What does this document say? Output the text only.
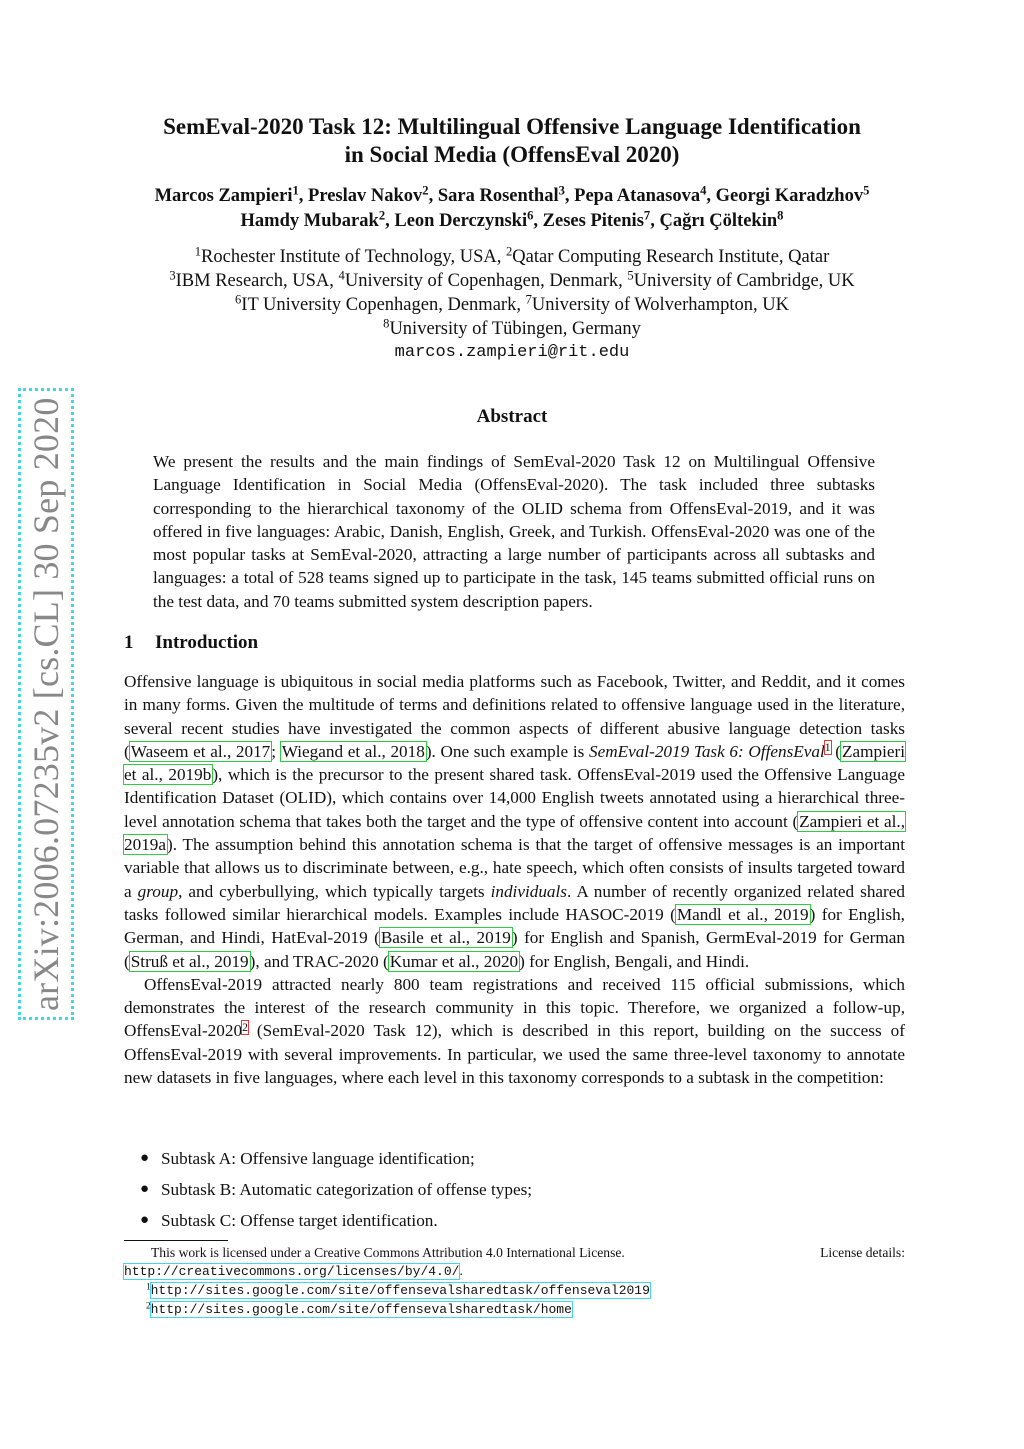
arXiv:2006.07235v2 [cs.CL] 30 Sep 2020
SemEval-2020 Task 12: Multilingual Offensive Language Identification
in Social Media (OffensEval 2020)
Marcos Zampieri$^1$, Preslav Nakov$^2$, Sara Rosenthal$^3$, Pepa Atanasova$^4$, Georgi Karadzhov$^5$
Hamdy Mubarak$^2$, Leon Derczynski$^6$, Zeses Pitenis$^7$, Çağrı Çöltekin$^8$
$^1$Rochester Institute of Technology, USA, $^2$Qatar Computing Research Institute, Qatar
$^3$IBM Research, USA, $^4$University of Copenhagen, Denmark, $^5$University of Cambridge, UK
$^6$IT University Copenhagen, Denmark, $^7$University of Wolverhampton, UK
$^8$University of Tübingen, Germany
marcos.zampieri@rit.edu
Abstract
We present the results and the main findings of SemEval-2020 Task 12 on Multilingual Offensive Language Identification in Social Media (OffensEval-2020). The task included three subtasks corresponding to the hierarchical taxonomy of the OLID schema from OffensEval-2019, and it was offered in five languages: Arabic, Danish, English, Greek, and Turkish. OffensEval-2020 was one of the most popular tasks at SemEval-2020, attracting a large number of participants across all subtasks and languages: a total of 528 teams signed up to participate in the task, 145 teams submitted official runs on the test data, and 70 teams submitted system description papers.
1 Introduction

Offensive language is ubiquitous in social media platforms such as Facebook, Twitter, and Reddit, and it comes in many forms. Given the multitude of terms and definitions related to offensive language used in the literature, several recent studies have investigated the common aspects of different abusive language detection tasks (Waseem et al., 2017; Wiegand et al., 2018). One such example is SemEval-2019 Task 6: OffensEval$^1$ (Zampieri et al., 2019b), which is the precursor to the present shared task. OffensEval-2019 used the Offensive Language Identification Dataset (OLID), which contains over 14,000 English tweets annotated using a hierarchical three-level annotation schema that takes both the target and the type of offensive content into account (Zampieri et al., 2019a). The assumption behind this annotation schema is that the target of offensive messages is an important variable that allows us to discriminate between, e.g., hate speech, which often consists of insults targeted toward a group, and cyberbullying, which typically targets individuals. A number of recently organized related shared tasks followed similar hierarchical models. Examples include HASOC-2019 (Mandl et al., 2019) for English, German, and Hindi, HatEval-2019 (Basile et al., 2019) for English and Spanish, GermEval-2019 for German (Struß et al., 2019), and TRAC-2020 (Kumar et al., 2020) for English, Bengali, and Hindi.

OffensEval-2019 attracted nearly 800 team registrations and received 115 official submissions, which demonstrates the interest of the research community in this topic. Therefore, we organized a follow-up, OffensEval-2020$^2$ (SemEval-2020 Task 12), which is described in this report, building on the success of OffensEval-2019 with several improvements. In particular, we used the same three-level taxonomy to annotate new datasets in five languages, where each level in this taxonomy corresponds to a subtask in the competition:

● Subtask A: Offensive language identification;
● Subtask B: Automatic categorization of offense types;
● Subtask C: Offense target identification.
This work is licensed under a Creative Commons Attribution 4.0 International License.	License details:
http://creativecommons.org/licenses/by/4.0/.
$^1$http://sites.google.com/site/offensevalsharedtask/offenseval2019
$^2$http://sites.google.com/site/offensevalsharedtask/home
